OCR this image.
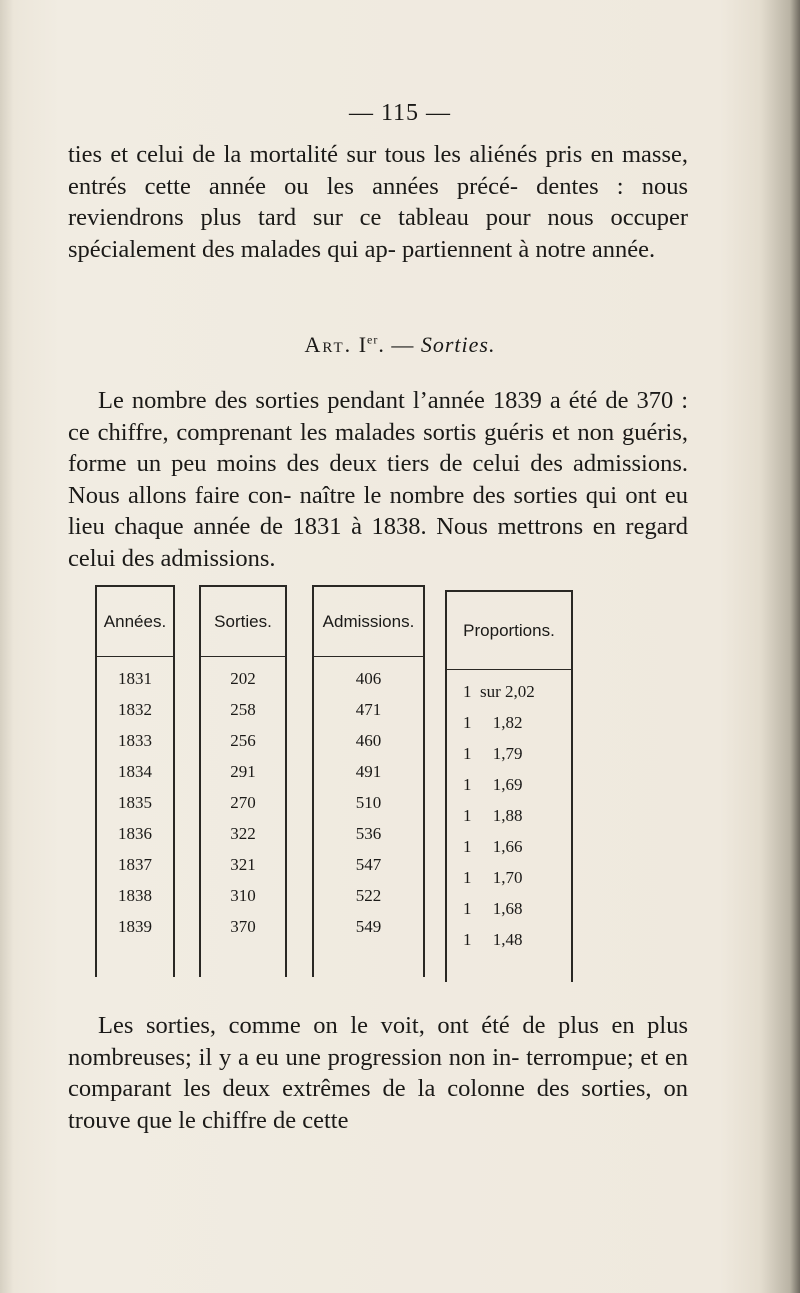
— 115 —

ties et celui de la mortalité sur tous les aliénés pris en masse, entrés cette année ou les années précé- dentes : nous reviendrons plus tard sur ce tableau pour nous occuper spécialement des malades qui ap- partiennent à notre année.

Art. Ier. — Sorties.

Le nombre des sorties pendant l’année 1839 a été de 370 : ce chiffre, comprenant les malades sortis guéris et non guéris, forme un peu moins des deux tiers de celui des admissions. Nous allons faire con- naître le nombre des sorties qui ont eu lieu chaque année de 1831 à 1838. Nous mettrons en regard celui des admissions.

Années.
1831
1832
1833
1834
1835
1836
1837
1838
1839
Sorties.
202
258
256
291
270
322
321
310
370
Admissions.
406
471
460
491
510
536
547
522
549
Proportions.
1  sur 2,02
1     1,82
1     1,79
1     1,69
1     1,88
1     1,66
1     1,70
1     1,68
1     1,48

Les sorties, comme on le voit, ont été de plus en plus nombreuses; il y a eu une progression non in- terrompue; et en comparant les deux extrêmes de la colonne des sorties, on trouve que le chiffre de cette
